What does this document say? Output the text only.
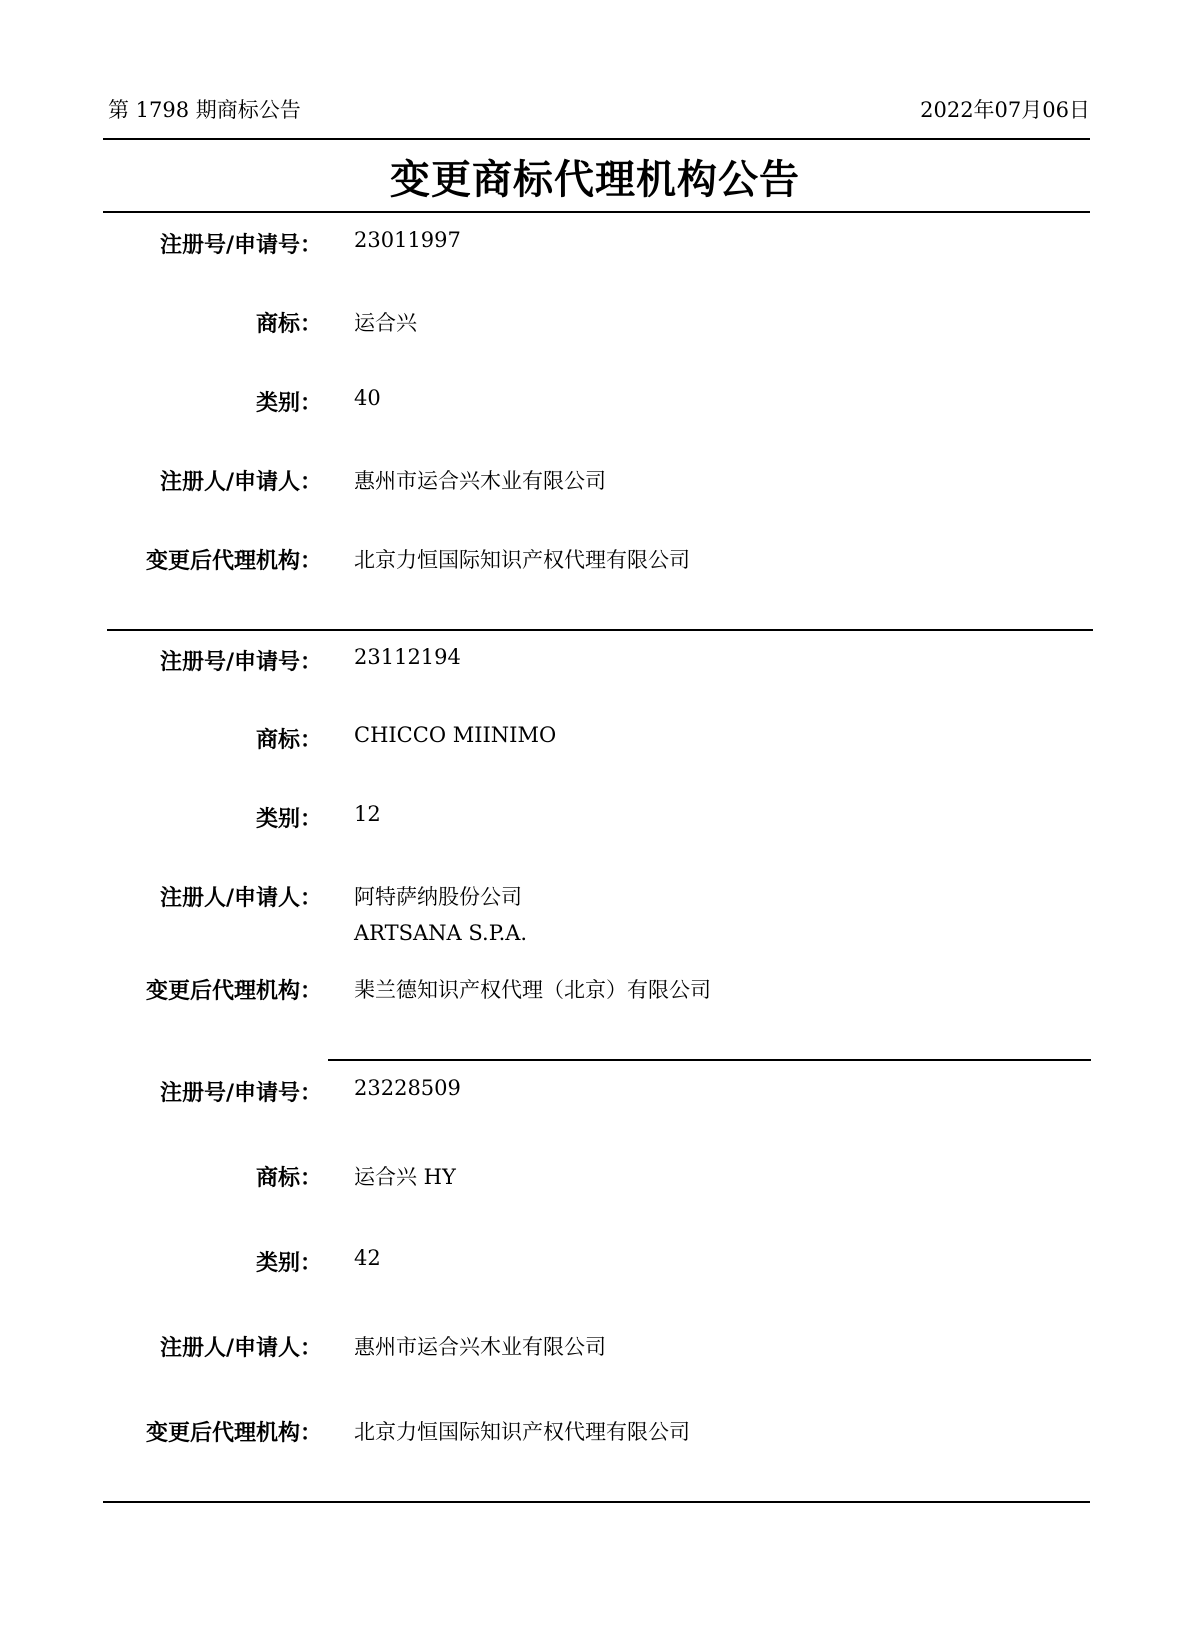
第 1798 期商标公告	2022年07月06日
变更商标代理机构公告
注册号/申请号： 23011997
商标： 运合兴
类别： 40
注册人/申请人： 惠州市运合兴木业有限公司
变更后代理机构： 北京力恒国际知识产权代理有限公司
注册号/申请号： 23112194
商标： CHICCO MIINIMO
类别： 12
注册人/申请人： 阿特萨纳股份公司
ARTSANA S.P.A.
变更后代理机构： 棐兰德知识产权代理（北京）有限公司
注册号/申请号： 23228509
商标： 运合兴 HY
类别： 42
注册人/申请人： 惠州市运合兴木业有限公司
变更后代理机构： 北京力恒国际知识产权代理有限公司
